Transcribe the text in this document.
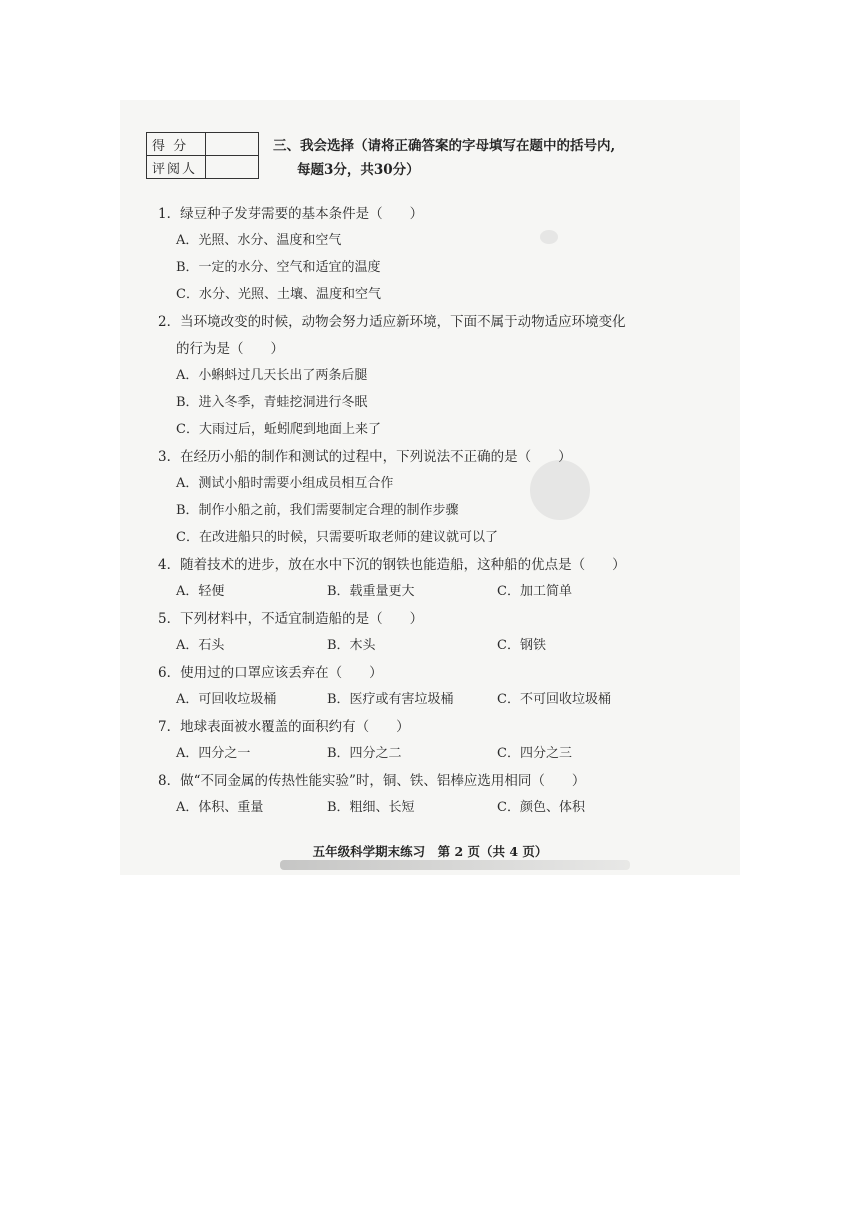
得 分	
评阅人	
三、我会选择（请将正确答案的字母填写在题中的括号内,
每题3分，共30分）
1．绿豆种子发芽需要的基本条件是（　　）
A．光照、水分、温度和空气
B．一定的水分、空气和适宜的温度
C．水分、光照、土壤、温度和空气
2．当环境改变的时候，动物会努力适应新环境，下面不属于动物适应环境变化
的行为是（　　）
A．小蝌蚪过几天长出了两条后腿
B．进入冬季，青蛙挖洞进行冬眠
C．大雨过后，蚯蚓爬到地面上来了
3．在经历小船的制作和测试的过程中，下列说法不正确的是（　　）
A．测试小船时需要小组成员相互合作
B．制作小船之前，我们需要制定合理的制作步骤
C．在改进船只的时候，只需要听取老师的建议就可以了
4．随着技术的进步，放在水中下沉的钢铁也能造船，这种船的优点是（　　）
A．轻便	B．载重量更大	C．加工简单
5．下列材料中，不适宜制造船的是（　　）
A．石头	B．木头	C．钢铁
6．使用过的口罩应该丢弃在（　　）
A．可回收垃圾桶	B．医疗或有害垃圾桶	C．不可回收垃圾桶
7．地球表面被水覆盖的面积约有（　　）
A．四分之一	B．四分之二	C．四分之三
8．做“不同金属的传热性能实验”时，铜、铁、铝棒应选用相同（　　）
A．体积、重量	B．粗细、长短	C．颜色、体积
五年级科学期末练习　第 2 页（共 4 页）
